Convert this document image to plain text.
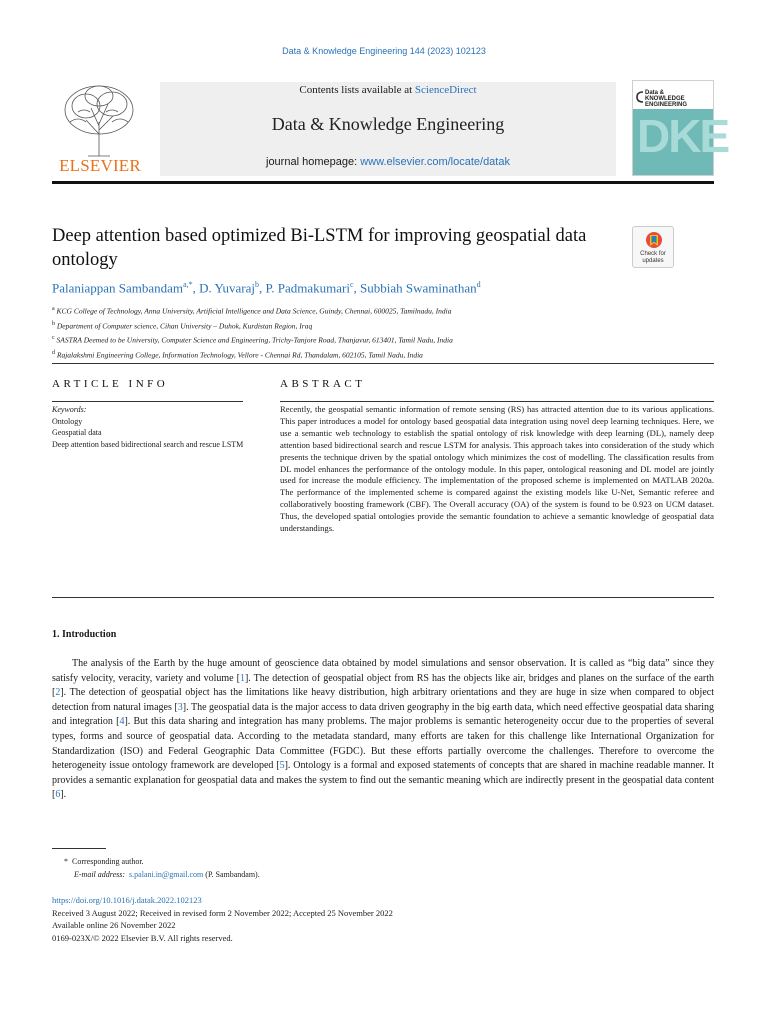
Data & Knowledge Engineering 144 (2023) 102123
ELSEVIER
Contents lists available at ScienceDirect
Data & Knowledge Engineering
journal homepage: www.elsevier.com/locate/datak
Data &
KNOWLEDGE
ENGINEERING
DKE
Deep attention based optimized Bi-LSTM for improving geospatial data ontology	Check for
updates
Palaniappan Sambandam$^{a,*}$, D. Yuvaraj$^b$, P. Padmakumari$^c$, Subbiah Swaminathan$^d$
$^a$ KCG College of Technology, Anna University, Artificial Intelligence and Data Science, Guindy, Chennai, 600025, Tamilnadu, India
$^b$ Department of Computer science, Cihan University – Duhok, Kurdistan Region, Iraq
$^c$ SASTRA Deemed to be University, Computer Science and Engineering, Trichy-Tanjore Road, Thanjavur, 613401, Tamil Nadu, India
$^d$ Rajalakshmi Engineering College, Information Technology, Vellore - Chennai Rd, Thandalam, 602105, Tamil Nadu, India
ARTICLE INFO	ABSTRACT
Keywords:
Ontology
Geospatial data
Deep attention based bidirectional search and rescue LSTM
Recently, the geospatial semantic information of remote sensing (RS) has attracted attention due to its various applications. This paper introduces a model for ontology based geospatial data integration using novel deep learning techniques. Here, we use a semantic web technology to establish the spatial ontology of risk knowledge with deep learning (DL), namely deep attention based bidirectional search and rescue LSTM for analysis. This approach takes into consideration of the study which presents the technique driven by the spatial ontology which minimizes the cost of modelling. The classification results from DL model enhances the performance of the ontology module. In this paper, ontological reasoning and DL model are jointly used for increase the module efficiency. The implementation of the proposed scheme is implemented on MATLAB 2020a. The performance of the implemented scheme is compared against the existing models like U-Net, Semantic referee and collaboratively boosting framework (CBF). The Overall accuracy (OA) of the system is found to be 0.923 on UCM dataset. Thus, the developed spatial ontologies provide the semantic foundation to achieve a semantic knowledge of geospatial data understandings.
1. Introduction
The analysis of the Earth by the huge amount of geoscience data obtained by model simulations and sensor observation. It is called as “big data” since they satisfy velocity, veracity, variety and volume [1]. The detection of geospatial object from RS has the objects like air, bridges and planes on the surface of the earth [2]. The detection of geospatial object has the limitations like heavy distribution, high arbitrary orientations and they are huge in size when compared to object detection from natural images [3]. The geospatial data is the major access to data driven geography in the big earth data, which need effective geospatial data sharing and integration [4]. But this data sharing and integration has many problems. The major problems is semantic heterogeneity occur due to the properties of several types, forms and source of geospatial data. According to the metadata standard, many efforts are taken for this challenge like International Organization for Standardization (ISO) and Federal Geographic Data Committee (FGDC). But these efforts partially overcome the challenges. Therefore to overcome the heterogeneity issue ontology framework are developed [5]. Ontology is a formal and exposed statements of concepts that are shared in machine readable manner. It provides a semantic explanation for geospatial data and makes the system to find out the semantic meaning which are indirectly present in the geospatial data content [6].
* Corresponding author.
E-mail address: s.palani.in@gmail.com (P. Sambandam).
https://doi.org/10.1016/j.datak.2022.102123
Received 3 August 2022; Received in revised form 2 November 2022; Accepted 25 November 2022
Available online 26 November 2022
0169-023X/© 2022 Elsevier B.V. All rights reserved.
